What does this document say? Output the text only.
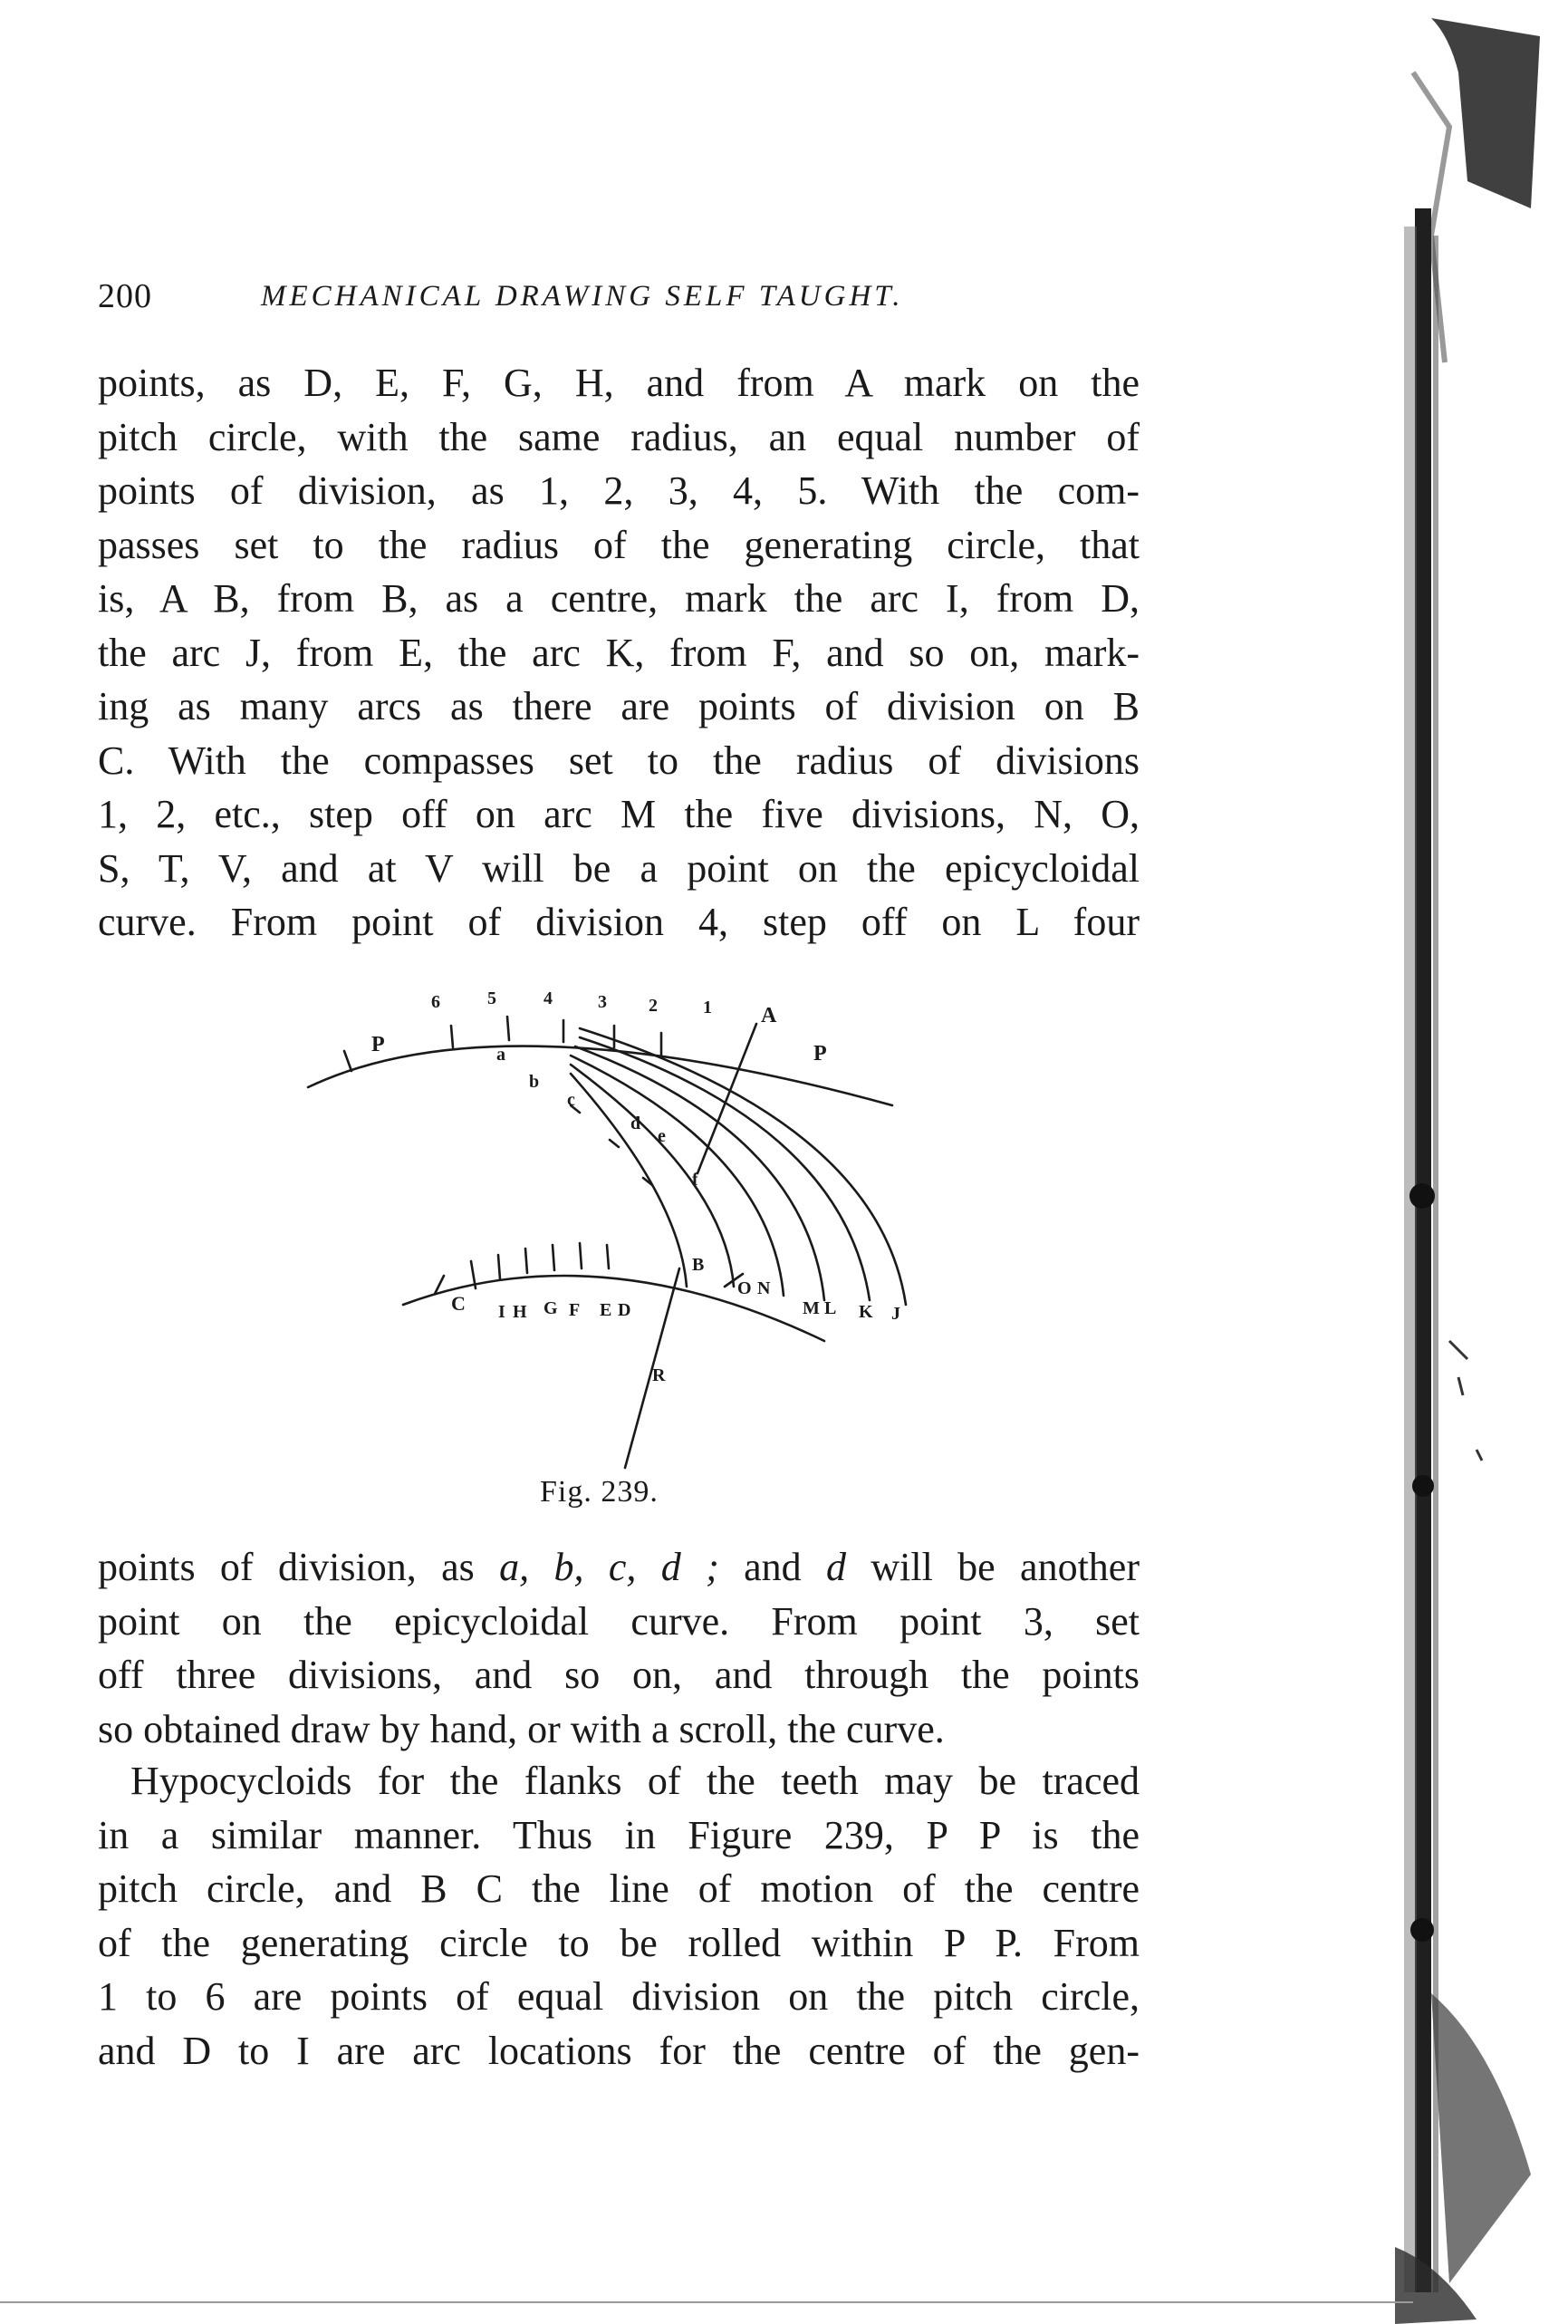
200	MECHANICAL DRAWING SELF TAUGHT.
points, as D, E, F, G, H, and from A mark on the
pitch circle, with the same radius, an equal number of
points of division, as 1, 2, 3, 4, 5. With the com-
passes set to the radius of the generating circle, that
is, A B, from B, as a centre, mark the arc I, from D,
the arc J, from E, the arc K, from F, and so on, mark-
ing as many arcs as there are points of division on B
C. With the compasses set to the radius of divisions
1, 2, etc., step off on arc M the five divisions, N, O,
S, T, V, and at V will be a point on the epicycloidal
curve. From point of division 4, step off on L four
6	5	4	3 2	1 A
P	P
a
b
c
d
e
f
B
C I H G F E D
O N
M L K J
R
Fig. 239.
points of division, as a, b, c, d ; and d will be another
point on the epicycloidal curve. From point 3, set
off three divisions, and so on, and through the points
so obtained draw by hand, or with a scroll, the curve.
Hypocycloids for the flanks of the teeth may be traced
in a similar manner. Thus in Figure 239, P P is the
pitch circle, and B C the line of motion of the centre
of the generating circle to be rolled within P P. From
1 to 6 are points of equal division on the pitch circle,
and D to I are arc locations for the centre of the gen-
